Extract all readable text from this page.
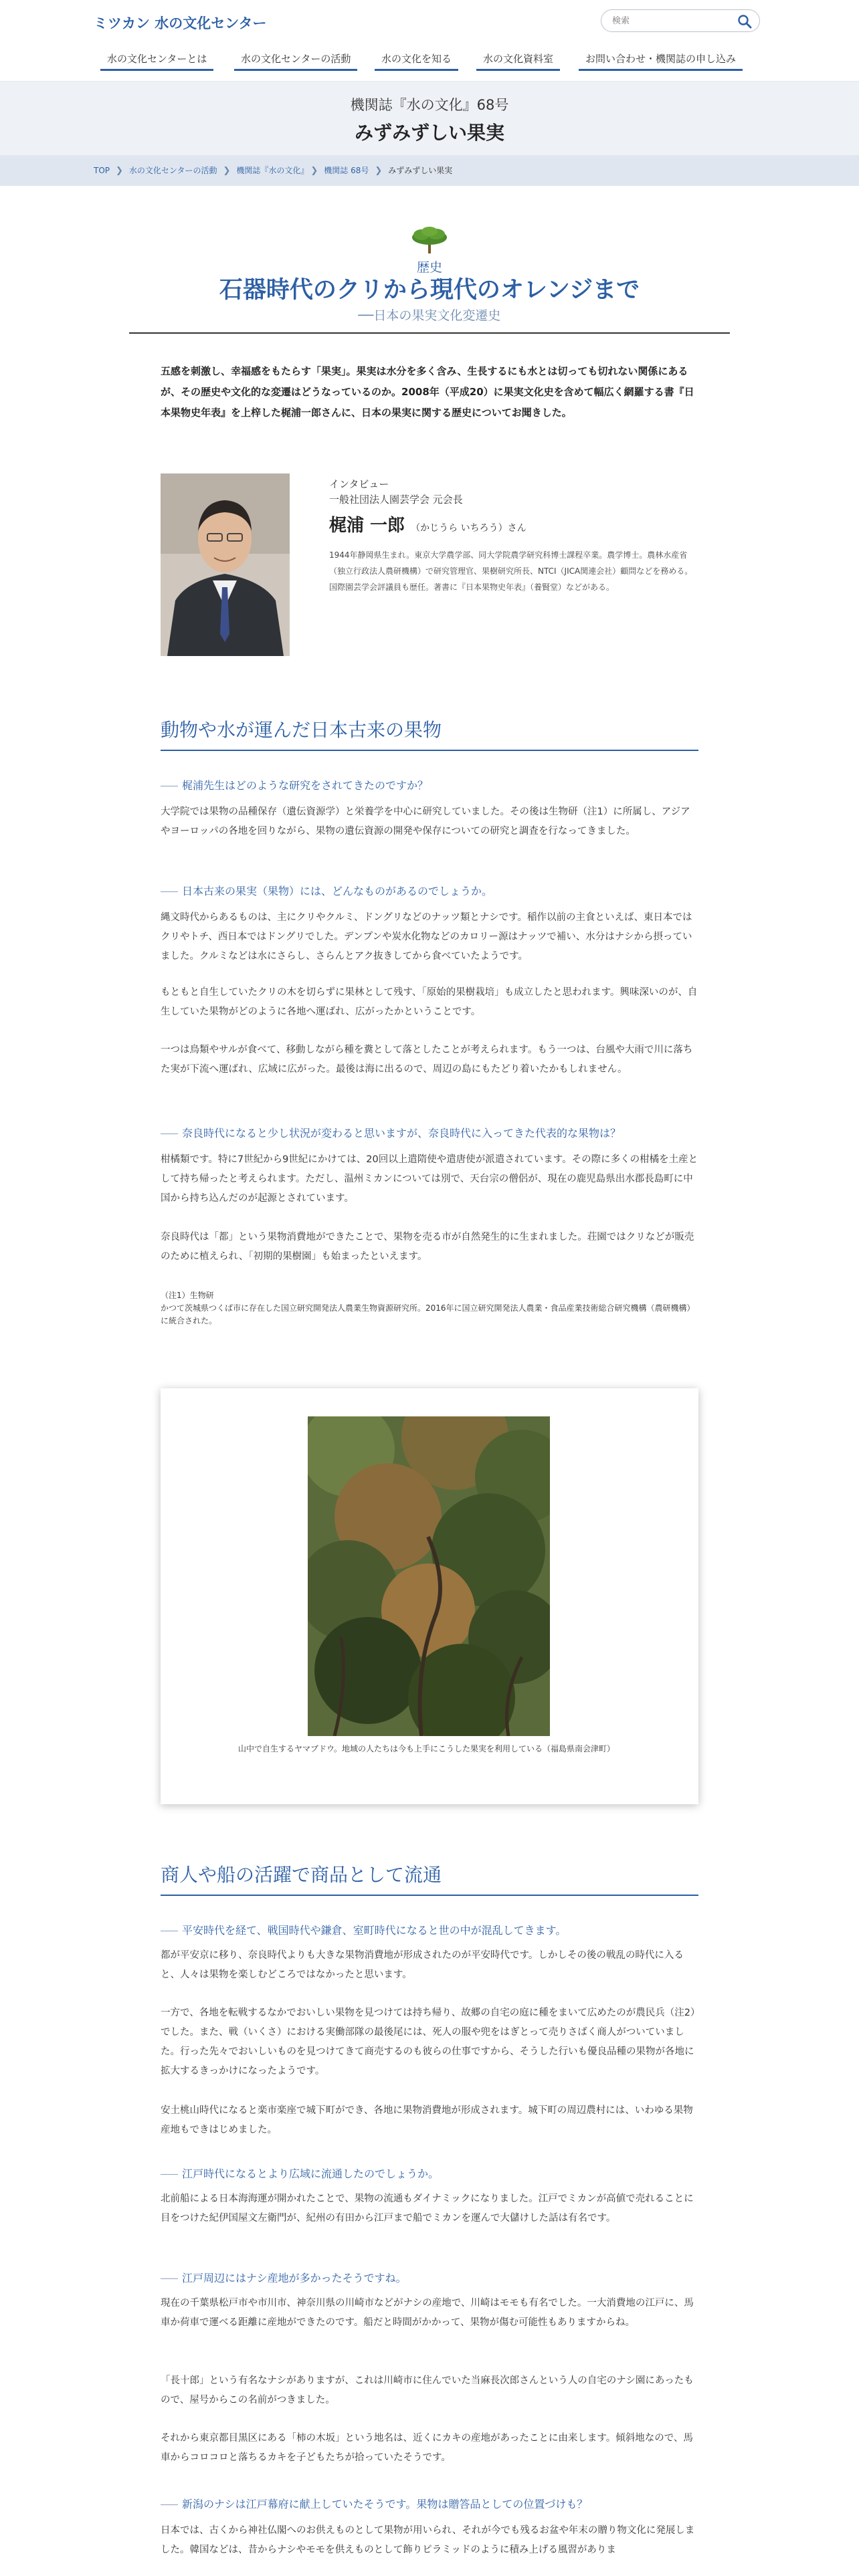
ミツカン 水の文化センター
検索
水の文化センターとは	水の文化センターの活動	水の文化を知る	水の文化資料室	お問い合わせ・機関誌の申し込み
機関誌『水の文化』68号
みずみずしい果実
TOP ❯ 水の文化センターの活動 ❯ 機関誌『水の文化』 ❯ 機関誌 68号 ❯ みずみずしい果実
歴史
石器時代のクリから現代のオレンジまで
──日本の果実文化変遷史
五感を刺激し、幸福感をもたらす「果実」。果実は水分を多く含み、生長するにも水とは切っても切れない関係にあるが、その歴史や文化的な変遷はどうなっているのか。2008年（平成20）に果実文化史を含めて幅広く網羅する書『日本果物史年表』を上梓した梶浦一郎さんに、日本の果実に関する歴史についてお聞きした。
インタビュー
一般社団法人園芸学会 元会長
梶浦 一郎 （かじうら いちろう）さん
1944年静岡県生まれ。東京大学農学部、同大学院農学研究科博士課程卒業。農学博士。農林水産省（独立行政法人農研機構）で研究管理官、果樹研究所長、NTCI（JICA関連会社）顧問などを務める。国際園芸学会評議員も歴任。著書に『日本果物史年表』（養賢堂）などがある。
動物や水が運んだ日本古来の果物
梶浦先生はどのような研究をされてきたのですか？
大学院では果物の品種保存（遺伝資源学）と栄養学を中心に研究していました。その後は生物研（注1）に所属し、アジアやヨーロッパの各地を回りながら、果物の遺伝資源の開発や保存についての研究と調査を行なってきました。
日本古来の果実（果物）には、どんなものがあるのでしょうか。
縄文時代からあるものは、主にクリやクルミ、ドングリなどのナッツ類とナシです。稲作以前の主食といえば、東日本ではクリやトチ、西日本ではドングリでした。デンプンや炭水化物などのカロリー源はナッツで補い、水分はナシから摂っていました。クルミなどは水にさらし、さらんとアク抜きしてから食べていたようです。
もともと自生していたクリの木を切らずに果林として残す、「原始的果樹栽培」も成立したと思われます。興味深いのが、自生していた果物がどのように各地へ運ばれ、広がったかということです。
一つは鳥類やサルが食べて、移動しながら種を糞として落としたことが考えられます。もう一つは、台風や大雨で川に落ちた実が下流へ運ばれ、広域に広がった。最後は海に出るので、周辺の島にもたどり着いたかもしれません。
奈良時代になると少し状況が変わると思いますが、奈良時代に入ってきた代表的な果物は？
柑橘類です。特に7世紀から9世紀にかけては、20回以上遣隋使や遣唐使が派遣されています。その際に多くの柑橘を土産として持ち帰ったと考えられます。ただし、温州ミカンについては別で、天台宗の僧侶が、現在の鹿児島県出水郡長島町に中国から持ち込んだのが起源とされています。
奈良時代は「都」という果物消費地ができたことで、果物を売る市が自然発生的に生まれました。荘園ではクリなどが販売のために植えられ、「初期的果樹園」も始まったといえます。
（注1）生物研
かつて茨城県つくば市に存在した国立研究開発法人農業生物資源研究所。2016年に国立研究開発法人農業・食品産業技術総合研究機構（農研機構）に統合された。
山中で自生するヤマブドウ。地域の人たちは今も上手にこうした果実を利用している（福島県南会津町）
商人や船の活躍で商品として流通
平安時代を経て、戦国時代や鎌倉、室町時代になると世の中が混乱してきます。
都が平安京に移り、奈良時代よりも大きな果物消費地が形成されたのが平安時代です。しかしその後の戦乱の時代に入ると、人々は果物を楽しむどころではなかったと思います。
一方で、各地を転戦するなかでおいしい果物を見つけては持ち帰り、故郷の自宅の庭に種をまいて広めたのが農民兵（注2）でした。また、戦（いくさ）における実働部隊の最後尾には、死人の服や兜をはぎとって売りさばく商人がついていました。行った先々でおいしいものを見つけてきて商売するのも彼らの仕事ですから、そうした行いも優良品種の果物が各地に拡大するきっかけになったようです。
安土桃山時代になると楽市楽座で城下町ができ、各地に果物消費地が形成されます。城下町の周辺農村には、いわゆる果物産地もできはじめました。
江戸時代になるとより広域に流通したのでしょうか。
北前船による日本海海運が開かれたことで、果物の流通もダイナミックになりました。江戸でミカンが高値で売れることに目をつけた紀伊国屋文左衛門が、紀州の有田から江戸まで船でミカンを運んで大儲けした話は有名です。
江戸周辺にはナシ産地が多かったそうですね。
現在の千葉県松戸市や市川市、神奈川県の川崎市などがナシの産地で、川崎はモモも有名でした。一大消費地の江戸に、馬車か荷車で運べる距離に産地ができたのです。船だと時間がかかって、果物が傷む可能性もありますからね。
「長十郎」という有名なナシがありますが、これは川崎市に住んでいた当麻長次郎さんという人の自宅のナシ園にあったもので、屋号からこの名前がつきました。
それから東京都目黒区にある「柿の木坂」という地名は、近くにカキの産地があったことに由来します。傾斜地なので、馬車からコロコロと落ちるカキを子どもたちが拾っていたそうです。
新潟のナシは江戸幕府に献上していたそうです。果物は贈答品としての位置づけも？
日本では、古くから神社仏閣へのお供えものとして果物が用いられ、それが今でも残るお盆や年末の贈り物文化に発展しました。韓国などは、昔からナシやモモを供えものとして飾りピラミッドのように積み上げる風習がありま
